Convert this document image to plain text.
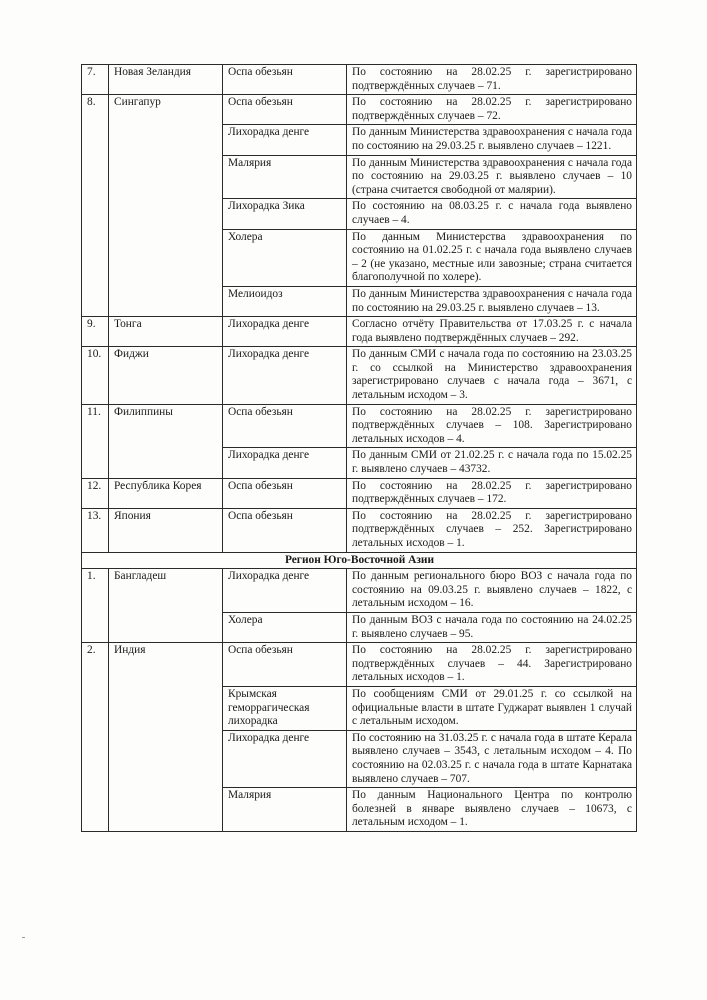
7.	Новая Зеландия	Оспа обезьян	По состоянию на 28.02.25 г. зарегистрировано подтверждённых случаев – 71.
8.	Сингапур	Оспа обезьян	По состоянию на 28.02.25 г. зарегистрировано подтверждённых случаев – 72.
		Лихорадка денге	По данным Министерства здравоохранения с начала года по состоянию на 29.03.25 г. выявлено случаев – 1221.
		Малярия	По данным Министерства здравоохранения с начала года по состоянию на 29.03.25 г. выявлено случаев – 10 (страна считается свободной от малярии).
		Лихорадка Зика	По состоянию на 08.03.25 г. с начала года выявлено случаев – 4.
		Холера	По данным Министерства здравоохранения по состоянию на 01.02.25 г. с начала года выявлено случаев – 2 (не указано, местные или завозные; страна считается благополучной по холере).
		Мелиоидоз	По данным Министерства здравоохранения с начала года по состоянию на 29.03.25 г. выявлено случаев – 13.
9.	Тонга	Лихорадка денге	Согласно отчёту Правительства от 17.03.25 г. с начала года выявлено подтверждённых случаев – 292.
10.	Фиджи	Лихорадка денге	По данным СМИ с начала года по состоянию на 23.03.25 г. со ссылкой на Министерство здравоохранения зарегистрировано случаев с начала года – 3671, с летальным исходом – 3.
11.	Филиппины	Оспа обезьян	По состоянию на 28.02.25 г. зарегистрировано подтверждённых случаев – 108. Зарегистрировано летальных исходов – 4.
		Лихорадка денге	По данным СМИ от 21.02.25 г. с начала года по 15.02.25 г. выявлено случаев – 43732.
12.	Республика Корея	Оспа обезьян	По состоянию на 28.02.25 г. зарегистрировано подтверждённых случаев – 172.
13.	Япония	Оспа обезьян	По состоянию на 28.02.25 г. зарегистрировано подтверждённых случаев – 252. Зарегистрировано летальных исходов – 1.
Регион Юго-Восточной Азии			
1.	Бангладеш	Лихорадка денге	По данным регионального бюро ВОЗ с начала года по состоянию на 09.03.25 г. выявлено случаев – 1822, с летальным исходом – 16.
		Холера	По данным ВОЗ с начала года по состоянию на 24.02.25 г. выявлено случаев – 95.
2.	Индия	Оспа обезьян	По состоянию на 28.02.25 г. зарегистрировано подтверждённых случаев – 44. Зарегистрировано летальных исходов – 1.
		Крымская геморрагическая лихорадка	По сообщениям СМИ от 29.01.25 г. со ссылкой на официальные власти в штате Гуджарат выявлен 1 случай с летальным исходом.
		Лихорадка денге	По состоянию на 31.03.25 г. с начала года в штате Керала выявлено случаев – 3543, с летальным исходом – 4. По состоянию на 02.03.25 г. с начала года в штате Карнатака выявлено случаев – 707.
		Малярия	По данным Национального Центра по контролю болезней в январе выявлено случаев – 10673, с летальным исходом – 1.
